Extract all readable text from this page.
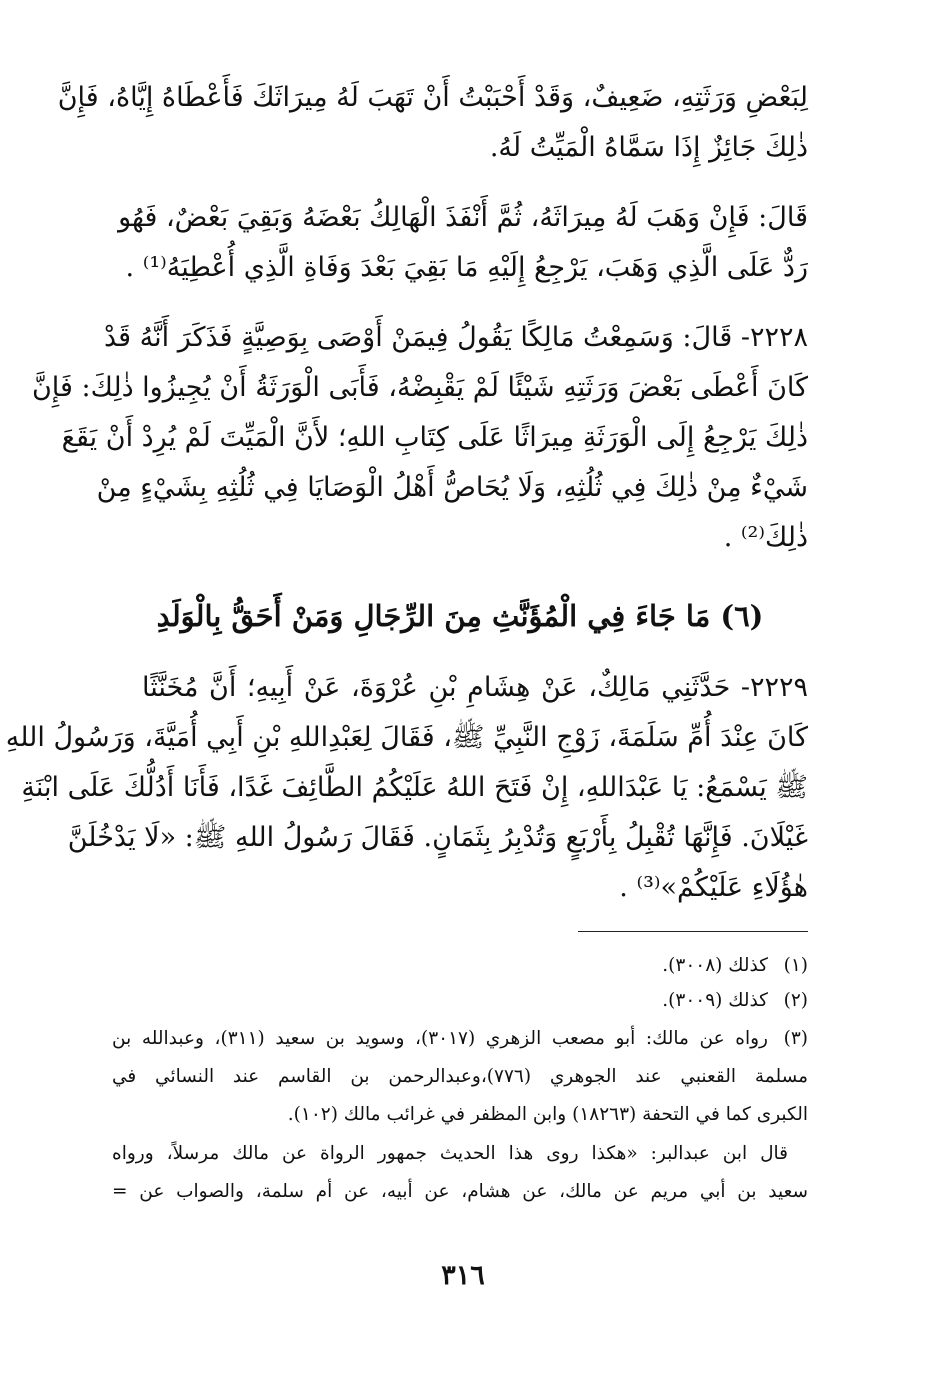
لِبَعْضِ وَرَثَتِهِ، ضَعِيفٌ، وَقَدْ أَحْبَبْتُ أَنْ تَهَبَ لَهُ مِيرَاثَكَ فَأَعْطَاهُ إِيَّاهُ، فَإِنَّ
ذٰلِكَ جَائِزٌ إِذَا سَمَّاهُ الْمَيِّتُ لَهُ.
قَالَ: فَإِنْ وَهَبَ لَهُ مِيرَاثَهُ، ثُمَّ أَنْفَذَ الْهَالِكُ بَعْضَهُ وَبَقِيَ بَعْضٌ، فَهُو
رَدٌّ عَلَى الَّذِي وَهَبَ، يَرْجِعُ إِلَيْهِ مَا بَقِيَ بَعْدَ وَفَاةِ الَّذِي أُعْطِيَهُ⁽¹⁾ .
٢٢٢٨- قَالَ: وَسَمِعْتُ مَالِكًا يَقُولُ فِيمَنْ أَوْصَى بِوَصِيَّةٍ فَذَكَرَ أَنَّهُ قَدْ
كَانَ أَعْطَى بَعْضَ وَرَثَتِهِ شَيْئًا لَمْ يَقْبِضْهُ، فَأَبَى الْوَرَثَةُ أَنْ يُجِيزُوا ذٰلِكَ: فَإِنَّ
ذٰلِكَ يَرْجِعُ إِلَى الْوَرَثَةِ مِيرَاثًا عَلَى كِتَابِ اللهِ؛ لأَنَّ الْمَيِّتَ لَمْ يُرِدْ أَنْ يَقَعَ
شَيْءٌ مِنْ ذٰلِكَ فِي ثُلُثِهِ، وَلَا يُحَاصُّ أَهْلُ الْوَصَايَا فِي ثُلُثِهِ بِشَيْءٍ مِنْ
ذٰلِكَ⁽²⁾ .
(٦) مَا جَاءَ فِي الْمُؤَنَّثِ مِنَ الرِّجَالِ وَمَنْ أَحَقُّ بِالْوَلَدِ
٢٢٢٩- حَدَّثَنِي مَالِكٌ، عَنْ هِشَامِ بْنِ عُرْوَةَ، عَنْ أَبِيهِ؛ أَنَّ مُخَنَّثًا
كَانَ عِنْدَ أُمِّ سَلَمَةَ، زَوْجِ النَّبِيِّ ﷺ، فَقَالَ لِعَبْدِاللهِ بْنِ أَبِي أُمَيَّةَ، وَرَسُولُ اللهِ
ﷺ يَسْمَعُ: يَا عَبْدَاللهِ، إِنْ فَتَحَ اللهُ عَلَيْكُمُ الطَّائِفَ غَدًا، فَأَنَا أَدُلُّكَ عَلَى ابْنَةِ
غَيْلَانَ. فَإِنَّهَا تُقْبِلُ بِأَرْبَعٍ وَتُدْبِرُ بِثَمَانٍ. فَقَالَ رَسُولُ اللهِ ﷺ: «لَا يَدْخُلَنَّ
هٰؤُلَاءِ عَلَيْكُمْ»⁽³⁾ .
(١)
كذلك (٣٠٠٨).
(٢)
كذلك (٣٠٠٩).
(٣)
رواه عن مالك: أبو مصعب الزهري (٣٠١٧)، وسويد بن سعيد (٣١١)، وعبدالله بن
مسلمة القعنبي عند الجوهري (٧٧٦)،وعبدالرحمن بن القاسم عند النسائي في
الكبرى كما في التحفة (١٨٢٦٣) وابن المظفر في غرائب مالك (١٠٢).
قال ابن عبدالبر: «هكذا روى هذا الحديث جمهور الرواة عن مالك مرسلاً، ورواه
سعيد بن أبي مريم عن مالك، عن هشام، عن أبيه، عن أم سلمة، والصواب عن =
٣١٦
